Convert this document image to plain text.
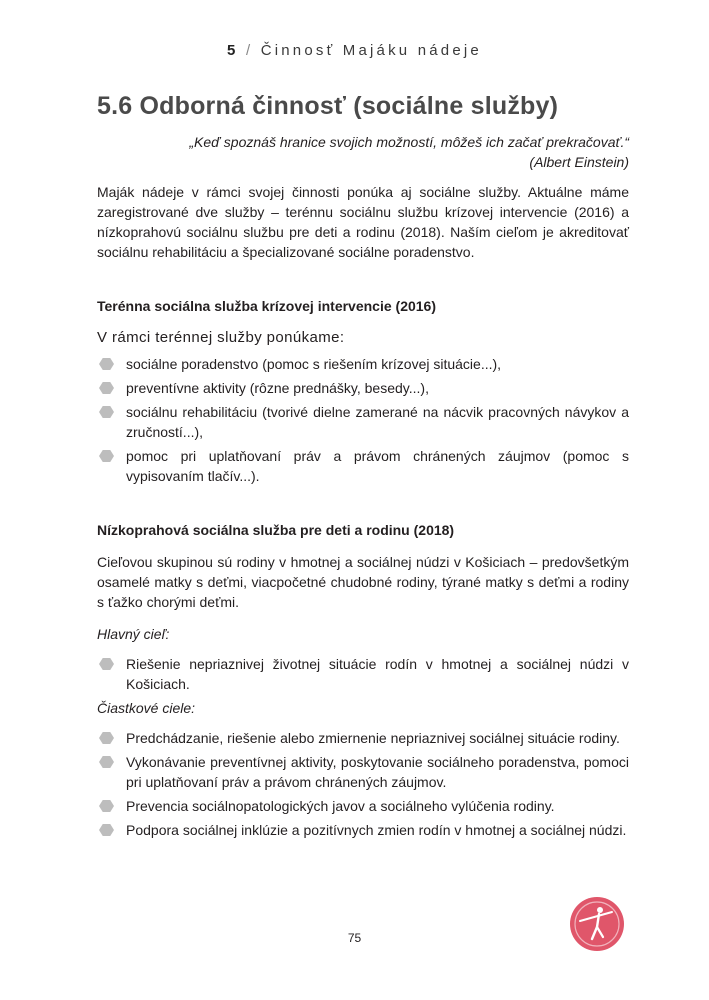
5 / Činnosť Majáku nádeje
5.6 Odborná činnosť (sociálne služby)
„Keď spoznáš hranice svojich možností, môžeš ich začať prekračovať.“
(Albert Einstein)

Maják nádeje v rámci svojej činnosti ponúka aj sociálne služby. Aktuálne máme zaregistrované dve služby – terénnu sociálnu službu krízovej intervencie (2016) a nízkoprahovú sociálnu službu pre deti a rodinu (2018). Naším cieľom je akreditovať sociálnu rehabilitáciu a špecializované sociálne poradenstvo.

Terénna sociálna služba krízovej intervencie (2016)
V rámci terénnej služby ponúkame:
sociálne poradenstvo (pomoc s riešením krízovej situácie...),
preventívne aktivity (rôzne prednášky, besedy...),
sociálnu rehabilitáciu (tvorivé dielne zamerané na nácvik pracovných návykov a zručností...),
pomoc pri uplatňovaní práv a právom chránených záujmov (pomoc s vypisovaním tlačív...).
Nízkoprahová sociálna služba pre deti a rodinu (2018)

Cieľovou skupinou sú rodiny v hmotnej a sociálnej núdzi v Košiciach – predovšetkým osamelé matky s deťmi, viacpočetné chudobné rodiny, týrané matky s deťmi a rodiny s ťažko chorými deťmi.

Hlavný cieľ:
Riešenie nepriaznivej životnej situácie rodín v hmotnej a sociálnej núdzi v Košiciach.
Čiastkové ciele:
Predchádzanie, riešenie alebo zmiernenie nepriaznivej sociálnej situácie rodiny.
Vykonávanie preventívnej aktivity, poskytovanie sociálneho poradenstva, pomoci pri uplatňovaní práv a právom chránených záujmov.
Prevencia sociálnopatologických javov a sociálneho vylúčenia rodiny.
Podpora sociálnej inklúzie a pozitívnych zmien rodín v hmotnej a sociálnej núdzi.
75
